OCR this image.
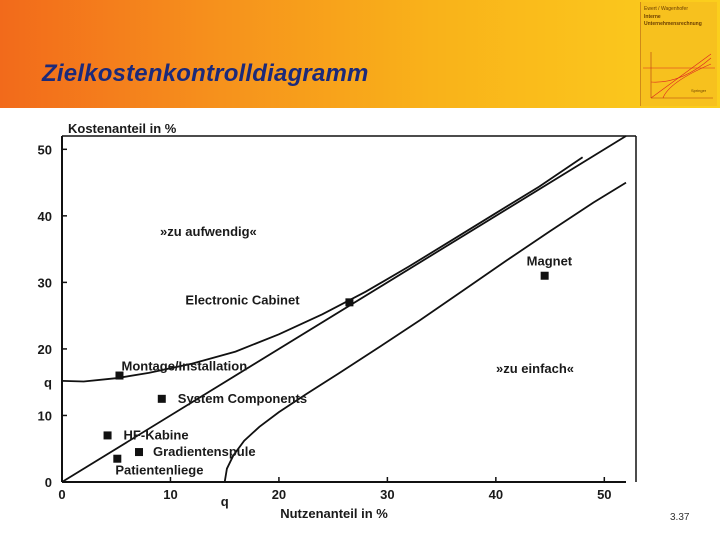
Zielkostenkontrolldiagramm
Ewert / Wagenhofer
Interne
Unternehmensrechnung
Springer
0	10	20	30	40	50
0
10
20
30
40
50
q
q
Magnet
Electronic Cabinet
Montage/Installation
System Components
HF-Kabine
Gradientenspule
Patientenliege
Kostenanteil in %
Nutzenanteil in %
»zu aufwendig«
»zu einfach«
3.37
